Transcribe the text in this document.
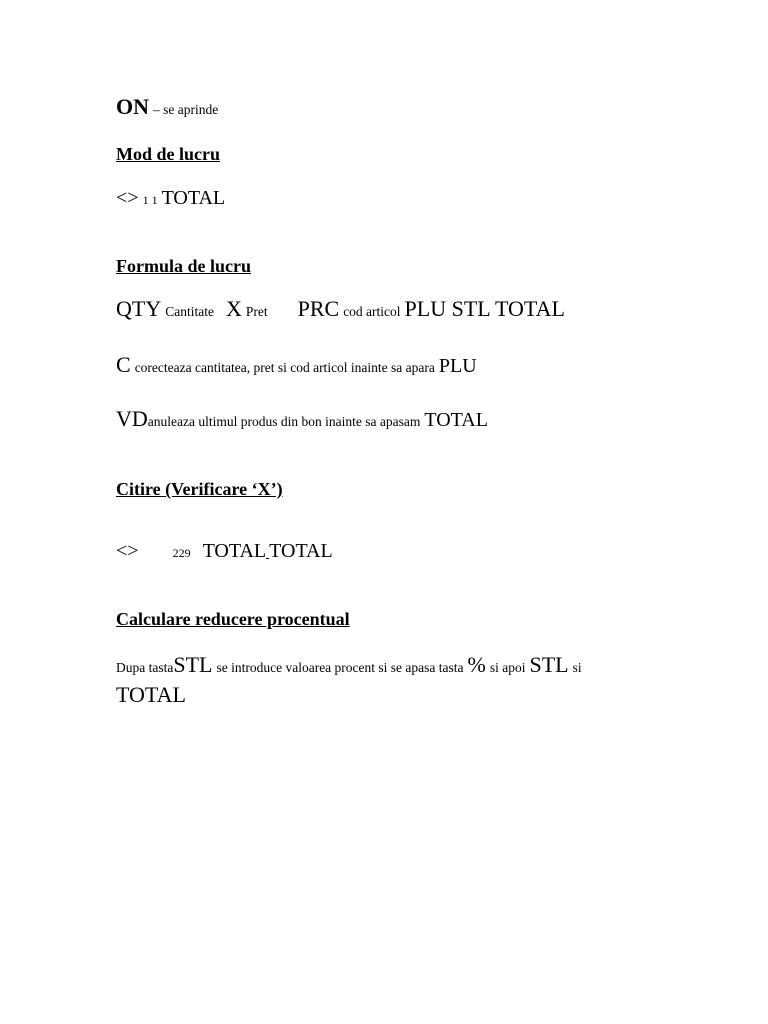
ON – se aprinde
Mod de lucru
<> 1 1 TOTAL
Formula de lucru
QTY Cantitate X Pret PRC cod articol PLU STL TOTAL
C corecteaza cantitatea, pret si cod articol inainte sa apara PLU
VDanuleaza ultimul produs din bon inainte sa apasam TOTAL
Citire (Verificare ‘X’)
<>	229 TOTAL TOTAL
Calculare reducere procentual
Dupa tastaSTL se introduce valoarea procent si se apasa tasta % si apoi STL si
TOTAL
